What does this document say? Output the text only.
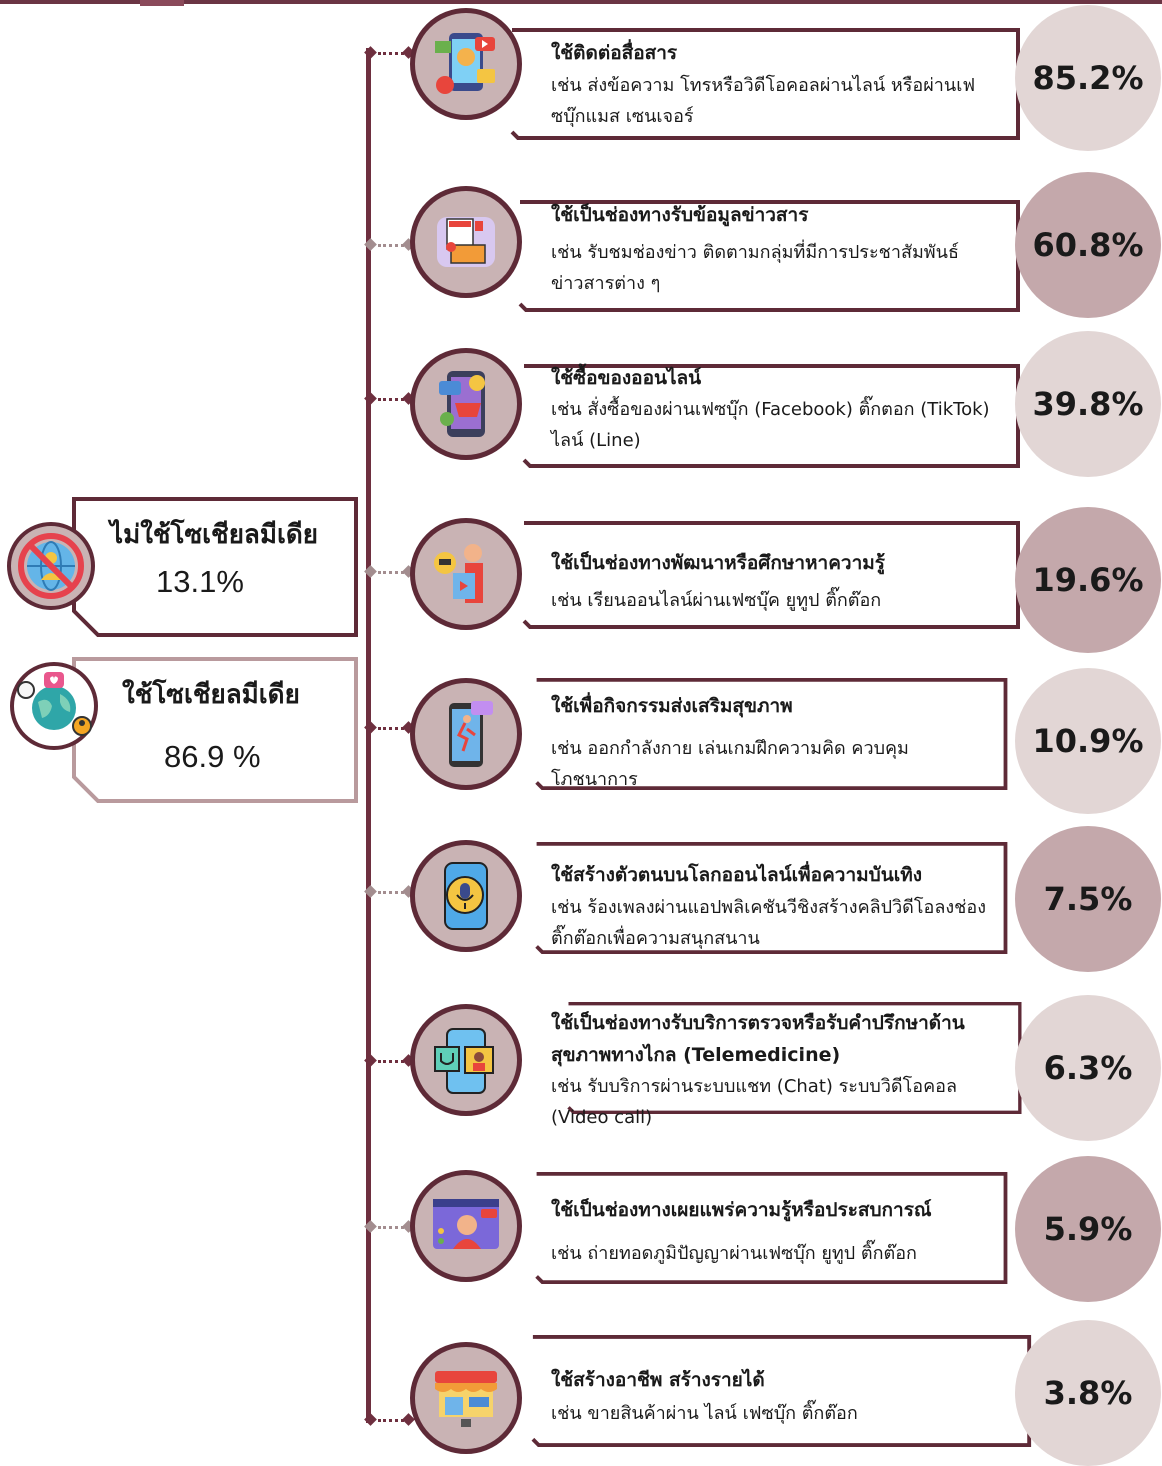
ไม่ใช้โซเชียลมีเดีย
13.1%
ใช้โซเชียลมีเดีย
86.9 %
ใช้ติดต่อสื่อสาร
เช่น ส่งข้อความ โทรหรือวิดีโอคอลผ่านไลน์ หรือผ่านเฟซบุ๊กแมส เซนเจอร์
85.2%
ใช้เป็นช่องทางรับข้อมูลข่าวสาร
เช่น รับชมช่องข่าว ติดตามกลุ่มที่มีการประชาสัมพันธ์ข่าวสารต่าง ๆ
60.8%
ใช้ซื้อของออนไลน์
เช่น สั่งซื้อของผ่านเฟซบุ๊ก (Facebook) ติ๊กตอก (TikTok) ไลน์ (Line)
39.8%
ใช้เป็นช่องทางพัฒนาหรือศึกษาหาความรู้
เช่น เรียนออนไลน์ผ่านเฟซบุ๊ค ยูทูป ติ๊กต๊อก
19.6%
ใช้เพื่อกิจกรรมส่งเสริมสุขภาพ
เช่น ออกกำลังกาย เล่นเกมฝึกความคิด ควบคุมโภชนาการ
10.9%
ใช้สร้างตัวตนบนโลกออนไลน์เพื่อความบันเทิง
เช่น ร้องเพลงผ่านแอปพลิเคชันวีชิงสร้างคลิปวิดีโอลงช่องติ๊กต๊อกเพื่อความสนุกสนาน
7.5%
ใช้เป็นช่องทางรับบริการตรวจหรือรับคำปรึกษาด้าน
สุขภาพทางไกล (Telemedicine)
เช่น รับบริการผ่านระบบแชท (Chat) ระบบวิดีโอคอล
(Video call)
6.3%
ใช้เป็นช่องทางเผยแพร่ความรู้หรือประสบการณ์
เช่น ถ่ายทอดภูมิปัญญาผ่านเฟซบุ๊ก ยูทูป ติ๊กต๊อก
5.9%
ใช้สร้างอาชีพ สร้างรายได้
เช่น ขายสินค้าผ่าน ไลน์ เฟซบุ๊ก ติ๊กต๊อก
3.8%
